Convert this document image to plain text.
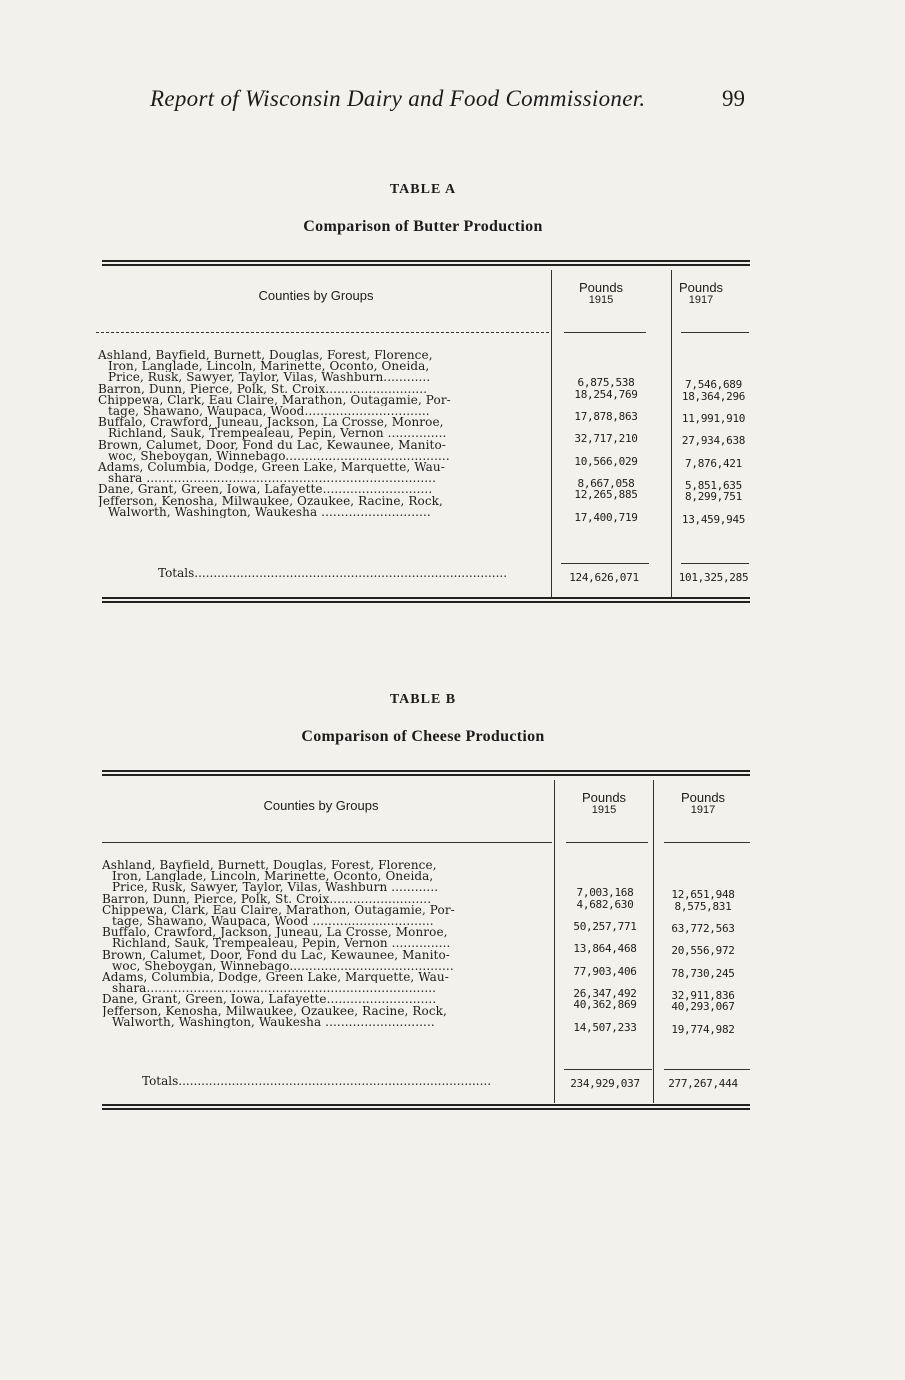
Report of Wisconsin Dairy and Food Commissioner.	99
TABLE A
Comparison of Butter Production
Counties by Groups
Pounds
1915
Pounds
1917
Ashland, Bayfield, Burnett, Douglas, Forest, Florence,
Iron, Langlade, Lincoln, Marinette, Oconto, Oneida,
Price, Rusk, Sawyer, Taylor, Vilas, Washburn............	6,875,538	7,546,689
Barron, Dunn, Pierce, Polk, St. Croix..........................	18,254,769	18,364,296
Chippewa, Clark, Eau Claire, Marathon, Outagamie, Por-
tage, Shawano, Waupaca, Wood................................	17,878,863	11,991,910
Buffalo, Crawford, Juneau, Jackson, La Crosse, Monroe,
Richland, Sauk, Trempealeau, Pepin, Vernon ...............	32,717,210	27,934,638
Brown, Calumet, Door, Fond du Lac, Kewaunee, Manito-
woc, Sheboygan, Winnebago..........................................	10,566,029	7,876,421
Adams, Columbia, Dodge, Green Lake, Marquette, Wau-
shara ..........................................................................	8,667,058	5,851,635
Dane, Grant, Green, Iowa, Lafayette............................	12,265,885	8,299,751
Jefferson, Kenosha, Milwaukee, Ozaukee, Racine, Rock,
Walworth, Washington, Waukesha ............................	17,400,719	13,459,945
Totals..................................................................................	124,626,071	101,325,285
TABLE B
Comparison of Cheese Production
Counties by Groups
Pounds
1915
Pounds
1917
Ashland, Bayfield, Burnett, Douglas, Forest, Florence,
Iron, Langlade, Lincoln, Marinette, Oconto, Oneida,
Price, Rusk, Sawyer, Taylor, Vilas, Washburn ............	7,003,168	12,651,948
Barron, Dunn, Pierce, Polk, St. Croix..........................	4,682,630	8,575,831
Chippewa, Clark, Eau Claire, Marathon, Outagamie, Por-
tage, Shawano, Waupaca, Wood ...............................	50,257,771	63,772,563
Buffalo, Crawford, Jackson, Juneau, La Crosse, Monroe,
Richland, Sauk, Trempealeau, Pepin, Vernon ...............	13,864,468	20,556,972
Brown, Calumet, Door, Fond du Lac, Kewaunee, Manito-
woc, Sheboygan, Winnebago..........................................	77,903,406	78,730,245
Adams, Columbia, Dodge, Green Lake, Marquette, Wau-
shara..........................................................................	26,347,492	32,911,836
Dane, Grant, Green, Iowa, Lafayette............................	40,362,869	40,293,067
Jefferson, Kenosha, Milwaukee, Ozaukee, Racine, Rock,
Walworth, Washington, Waukesha ............................	14,507,233	19,774,982
Totals..................................................................................	234,929,037	277,267,444
